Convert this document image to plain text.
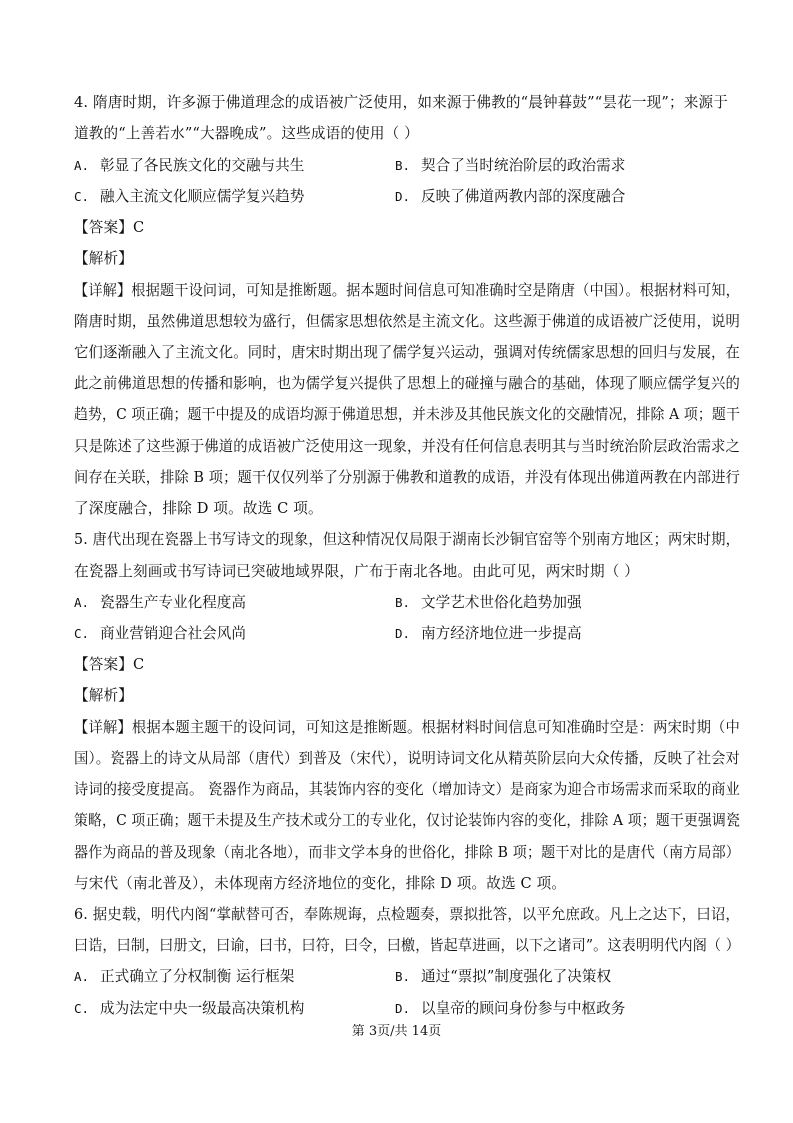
4. 隋唐时期，许多源于佛道理念的成语被广泛使用，如来源于佛教的“晨钟暮鼓”“昙花一现”；来源于
道教的“上善若水”“大器晚成”。这些成语的使用（ ）
A. 彰显了各民族文化的交融与共生	B. 契合了当时统治阶层的政治需求
C. 融入主流文化顺应儒学复兴趋势	D. 反映了佛道两教内部的深度融合
【答案】C
【解析】
【详解】根据题干设问词，可知是推断题。据本题时间信息可知准确时空是隋唐（中国）。根据材料可知，
隋唐时期，虽然佛道思想较为盛行，但儒家思想依然是主流文化。这些源于佛道的成语被广泛使用，说明
它们逐渐融入了主流文化。同时，唐宋时期出现了儒学复兴运动，强调对传统儒家思想的回归与发展，在
此之前佛道思想的传播和影响，也为儒学复兴提供了思想上的碰撞与融合的基础，体现了顺应儒学复兴的
趋势，C 项正确；题干中提及的成语均源于佛道思想，并未涉及其他民族文化的交融情况，排除 A 项；题干
只是陈述了这些源于佛道的成语被广泛使用这一现象，并没有任何信息表明其与当时统治阶层政治需求之
间存在关联，排除 B 项；题干仅仅列举了分别源于佛教和道教的成语，并没有体现出佛道两教在内部进行
了深度融合，排除 D 项。故选 C 项。
5. 唐代出现在瓷器上书写诗文的现象，但这种情况仅局限于湖南长沙铜官窑等个别南方地区；两宋时期，
在瓷器上刻画或书写诗词已突破地域界限，广布于南北各地。由此可见，两宋时期（ ）
A. 瓷器生产专业化程度高	B. 文学艺术世俗化趋势加强
C. 商业营销迎合社会风尚	D. 南方经济地位进一步提高
【答案】C
【解析】
【详解】根据本题主题干的设问词，可知这是推断题。根据材料时间信息可知准确时空是：两宋时期（中
国）。瓷器上的诗文从局部（唐代）到普及（宋代），说明诗词文化从精英阶层向大众传播，反映了社会对
诗词的接受度提高。 瓷器作为商品，其装饰内容的变化（增加诗文）是商家为迎合市场需求而采取的商业
策略，C 项正确；题干未提及生产技术或分工的专业化，仅讨论装饰内容的变化，排除 A 项；题干更强调瓷
器作为商品的普及现象（南北各地），而非文学本身的世俗化，排除 B 项；题干对比的是唐代（南方局部）
与宋代（南北普及），未体现南方经济地位的变化，排除 D 项。故选 C 项。
6. 据史载，明代内阁“掌献替可否，奉陈规诲，点检题奏，票拟批答，以平允庶政。凡上之达下，曰诏，
曰诰，曰制，曰册文，曰谕，曰书，曰符，曰令，曰檄，皆起草进画，以下之诸司”。这表明明代内阁（ ）
A. 正式确立了分权制衡 运行框架	B. 通过“票拟”制度强化了决策权
C. 成为法定中央一级最高决策机构	D. 以皇帝的顾问身份参与中枢政务
第 3页/共 14页
